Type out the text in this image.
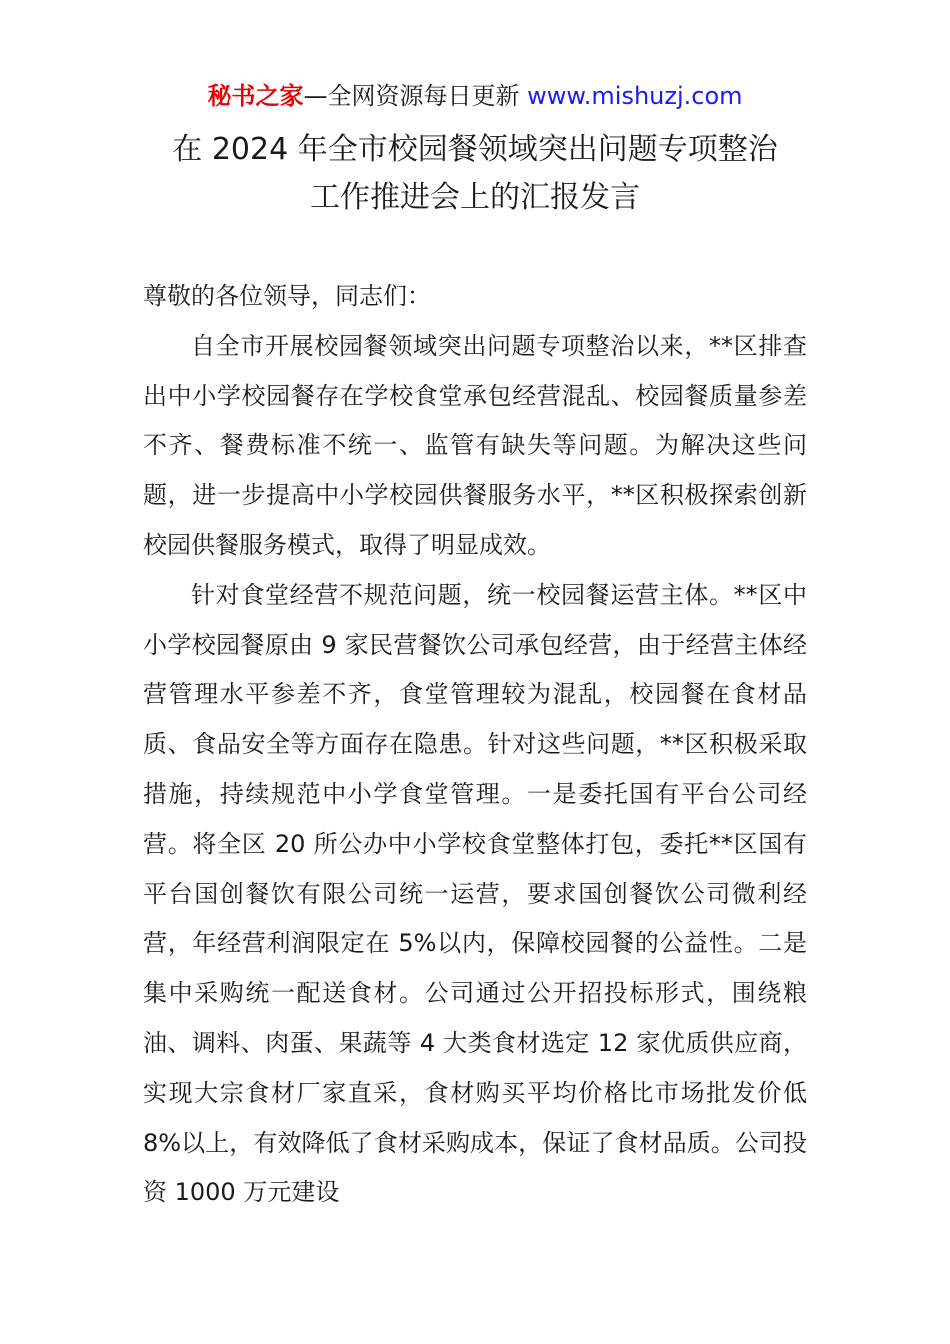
秘书之家—全网资源每日更新 www.mishuzj.com
在 2024 年全市校园餐领域突出问题专项整治
工作推进会上的汇报发言

尊敬的各位领导，同志们：

自全市开展校园餐领域突出问题专项整治以来，**区排查出中小学校园餐存在学校食堂承包经营混乱、校园餐质量参差不齐、餐费标准不统一、监管有缺失等问题。为解决这些问题，进一步提高中小学校园供餐服务水平，**区积极探索创新校园供餐服务模式，取得了明显成效。

针对食堂经营不规范问题，统一校园餐运营主体。**区中小学校园餐原由 9 家民营餐饮公司承包经营，由于经营主体经营管理水平参差不齐，食堂管理较为混乱，校园餐在食材品质、食品安全等方面存在隐患。针对这些问题，**区积极采取措施，持续规范中小学食堂管理。一是委托国有平台公司经营。将全区 20 所公办中小学校食堂整体打包，委托**区国有平台国创餐饮有限公司统一运营，要求国创餐饮公司微利经营，年经营利润限定在 5%以内，保障校园餐的公益性。二是集中采购统一配送食材。公司通过公开招投标形式，围绕粮油、调料、肉蛋、果蔬等 4 大类食材选定 12 家优质供应商，实现大宗食材厂家直采，食材购买平均价格比市场批发价低 8%以上，有效降低了食材采购成本，保证了食材品质。公司投资 1000 万元建设
